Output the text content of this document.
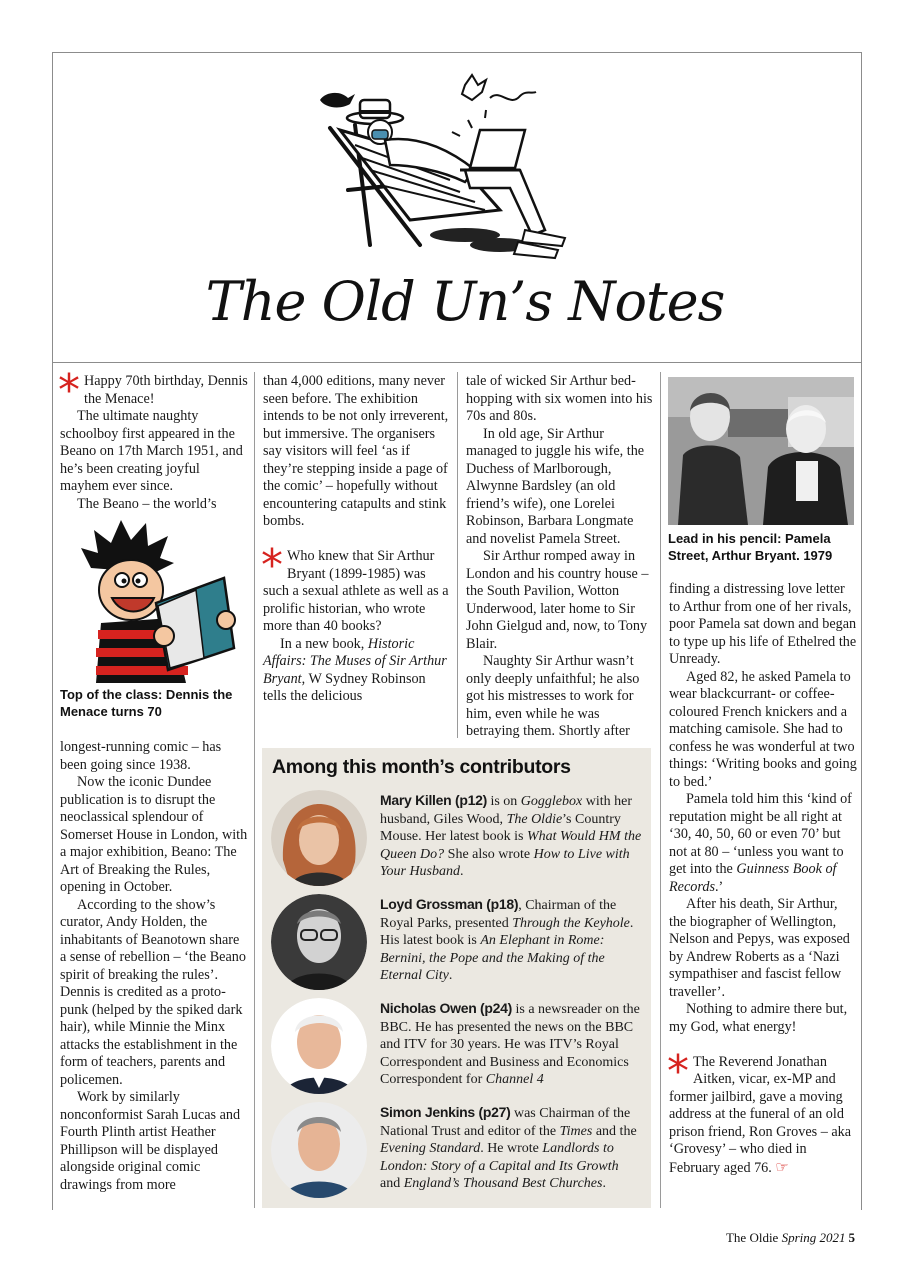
The Old Un’s Notes

* Happy 70th birthday, Dennis the Menace!

The ultimate naughty schoolboy first appeared in the Beano on 17th March 1951, and he’s been creating joyful mayhem ever since.

The Beano – the world’s

Top of the class: Dennis the Menace turns 70

longest-running comic – has been going since 1938.

Now the iconic Dundee publication is to disrupt the neoclassical splendour of Somerset House in London, with a major exhibition, Beano: The Art of Breaking the Rules, opening in October.

According to the show’s curator, Andy Holden, the inhabitants of Beanotown share a sense of rebellion – ‘the Beano spirit of breaking the rules’. Dennis is credited as a proto-punk (helped by the spiked dark hair), while Minnie the Minx attacks the establishment in the form of teachers, parents and policemen.

Work by similarly nonconformist Sarah Lucas and Fourth Plinth artist Heather Phillipson will be displayed alongside original comic drawings from more

than 4,000 editions, many never seen before. The exhibition intends to be not only irreverent, but immersive. The organisers say visitors will feel ‘as if they’re stepping inside a page of the comic’ – hopefully without encountering catapults and stink bombs.

* Who knew that Sir Arthur Bryant (1899-1985) was such a sexual athlete as well as a prolific historian, who wrote more than 40 books?

In a new book, Historic Affairs: The Muses of Sir Arthur Bryant, W Sydney Robinson tells the delicious

tale of wicked Sir Arthur bed-hopping with six women into his 70s and 80s.

In old age, Sir Arthur managed to juggle his wife, the Duchess of Marlborough, Alwynne Bardsley (an old friend’s wife), one Lorelei Robinson, Barbara Longmate and novelist Pamela Street.

Sir Arthur romped away in London and his country house – the South Pavilion, Wotton Underwood, later home to Sir John Gielgud and, now, to Tony Blair.

Naughty Sir Arthur wasn’t only deeply unfaithful; he also got his mistresses to work for him, even while he was betraying them. Shortly after

Lead in his pencil: Pamela Street, Arthur Bryant. 1979

finding a distressing love letter to Arthur from one of her rivals, poor Pamela sat down and began to type up his life of Ethelred the Unready.

Aged 82, he asked Pamela to wear blackcurrant- or coffee-coloured French knickers and a matching camisole. She had to confess he was wonderful at two things: ‘Writing books and going to bed.’

Pamela told him this ‘kind of reputation might be all right at ‘30, 40, 50, 60 or even 70’ but not at 80 – ‘unless you want to get into the Guinness Book of Records.’

After his death, Sir Arthur, the biographer of Wellington, Nelson and Pepys, was exposed by Andrew Roberts as a ‘Nazi sympathiser and fascist fellow traveller’.

Nothing to admire there but, my God, what energy!

* The Reverend Jonathan Aitken, vicar, ex-MP and former jailbird, gave a moving address at the funeral of an old prison friend, Ron Groves – aka ‘Grovesy’ – who died in February aged 76. ☞

Among this month’s contributors
Mary Killen (p12) is on Gogglebox with her husband, Giles Wood, The Oldie’s Country Mouse. Her latest book is What Would HM the Queen Do? She also wrote How to Live with Your Husband.
Loyd Grossman (p18), Chairman of the Royal Parks, presented Through the Keyhole. His latest book is An Elephant in Rome: Bernini, the Pope and the Making of the Eternal City.
Nicholas Owen (p24) is a newsreader on the BBC. He has presented the news on the BBC and ITV for 30 years. He was ITV’s Royal Correspondent and Business and Economics Correspondent for Channel 4
Simon Jenkins (p27) was Chairman of the National Trust and editor of the Times and the Evening Standard. He wrote Landlords to London: Story of a Capital and Its Growth and England’s Thousand Best Churches.
The Oldie Spring 2021 5
